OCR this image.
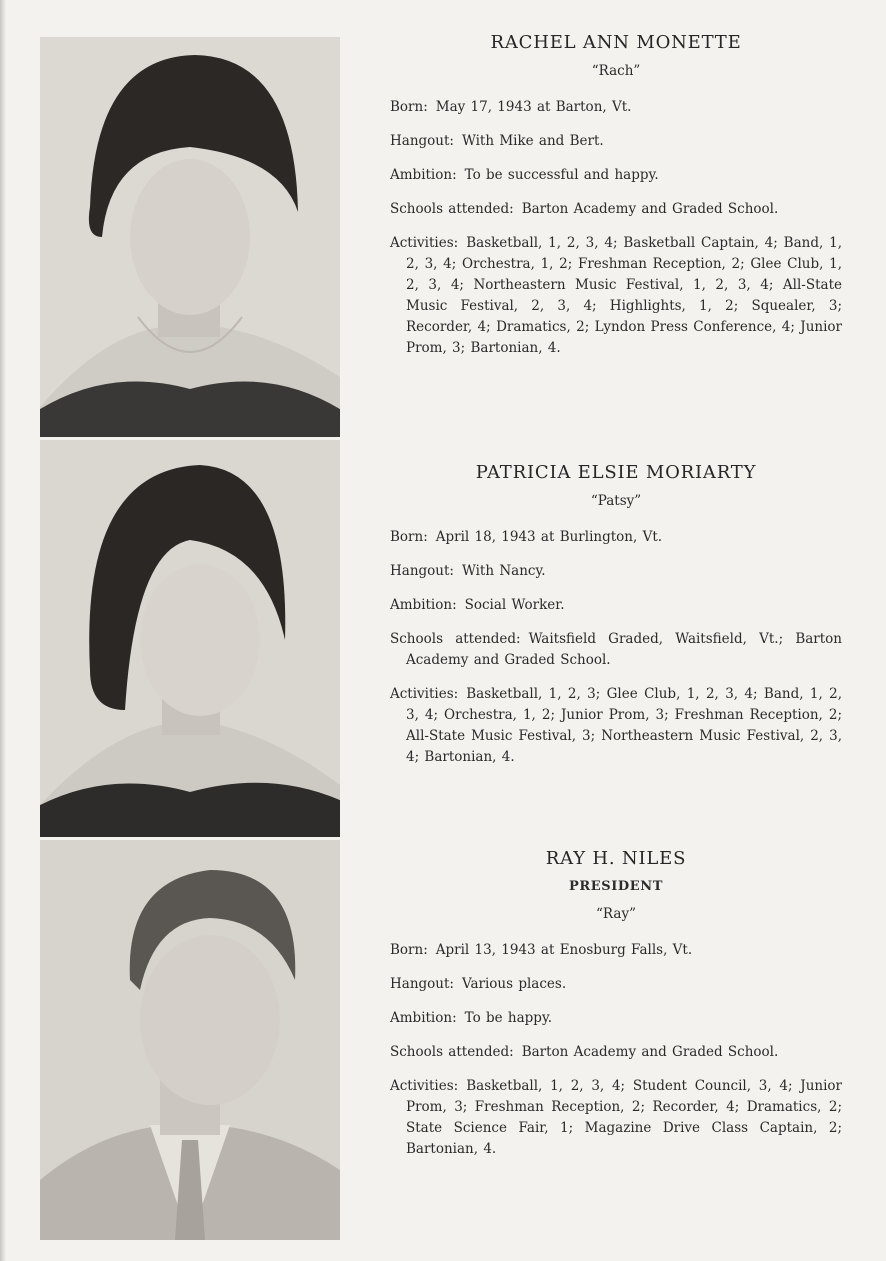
RACHEL ANN MONETTE
“Rach”
Born: May 17, 1943 at Barton, Vt.
Hangout: With Mike and Bert.
Ambition: To be successful and happy.
Schools attended: Barton Academy and Graded School.
Activities: Basketball, 1, 2, 3, 4; Basketball Captain, 4; Band, 1, 2, 3, 4; Orchestra, 1, 2; Freshman Reception, 2; Glee Club, 1, 2, 3, 4; Northeastern Music Festival, 1, 2, 3, 4; All-State Music Festival, 2, 3, 4; Highlights, 1, 2; Squealer, 3; Recorder, 4; Dramatics, 2; Lyndon Press Conference, 4; Junior Prom, 3; Bartonian, 4.
PATRICIA ELSIE MORIARTY
“Patsy”
Born: April 18, 1943 at Burlington, Vt.
Hangout: With Nancy.
Ambition: Social Worker.
Schools attended: Waitsfield Graded, Waitsfield, Vt.; Barton Academy and Graded School.
Activities: Basketball, 1, 2, 3; Glee Club, 1, 2, 3, 4; Band, 1, 2, 3, 4; Orchestra, 1, 2; Junior Prom, 3; Freshman Reception, 2; All-State Music Festival, 3; Northeastern Music Festival, 2, 3, 4; Bartonian, 4.
RAY H. NILES
PRESIDENT
“Ray”
Born: April 13, 1943 at Enosburg Falls, Vt.
Hangout: Various places.
Ambition: To be happy.
Schools attended: Barton Academy and Graded School.
Activities: Basketball, 1, 2, 3, 4; Student Council, 3, 4; Junior Prom, 3; Freshman Reception, 2; Recorder, 4; Dramatics, 2; State Science Fair, 1; Magazine Drive Class Captain, 2; Bartonian, 4.
